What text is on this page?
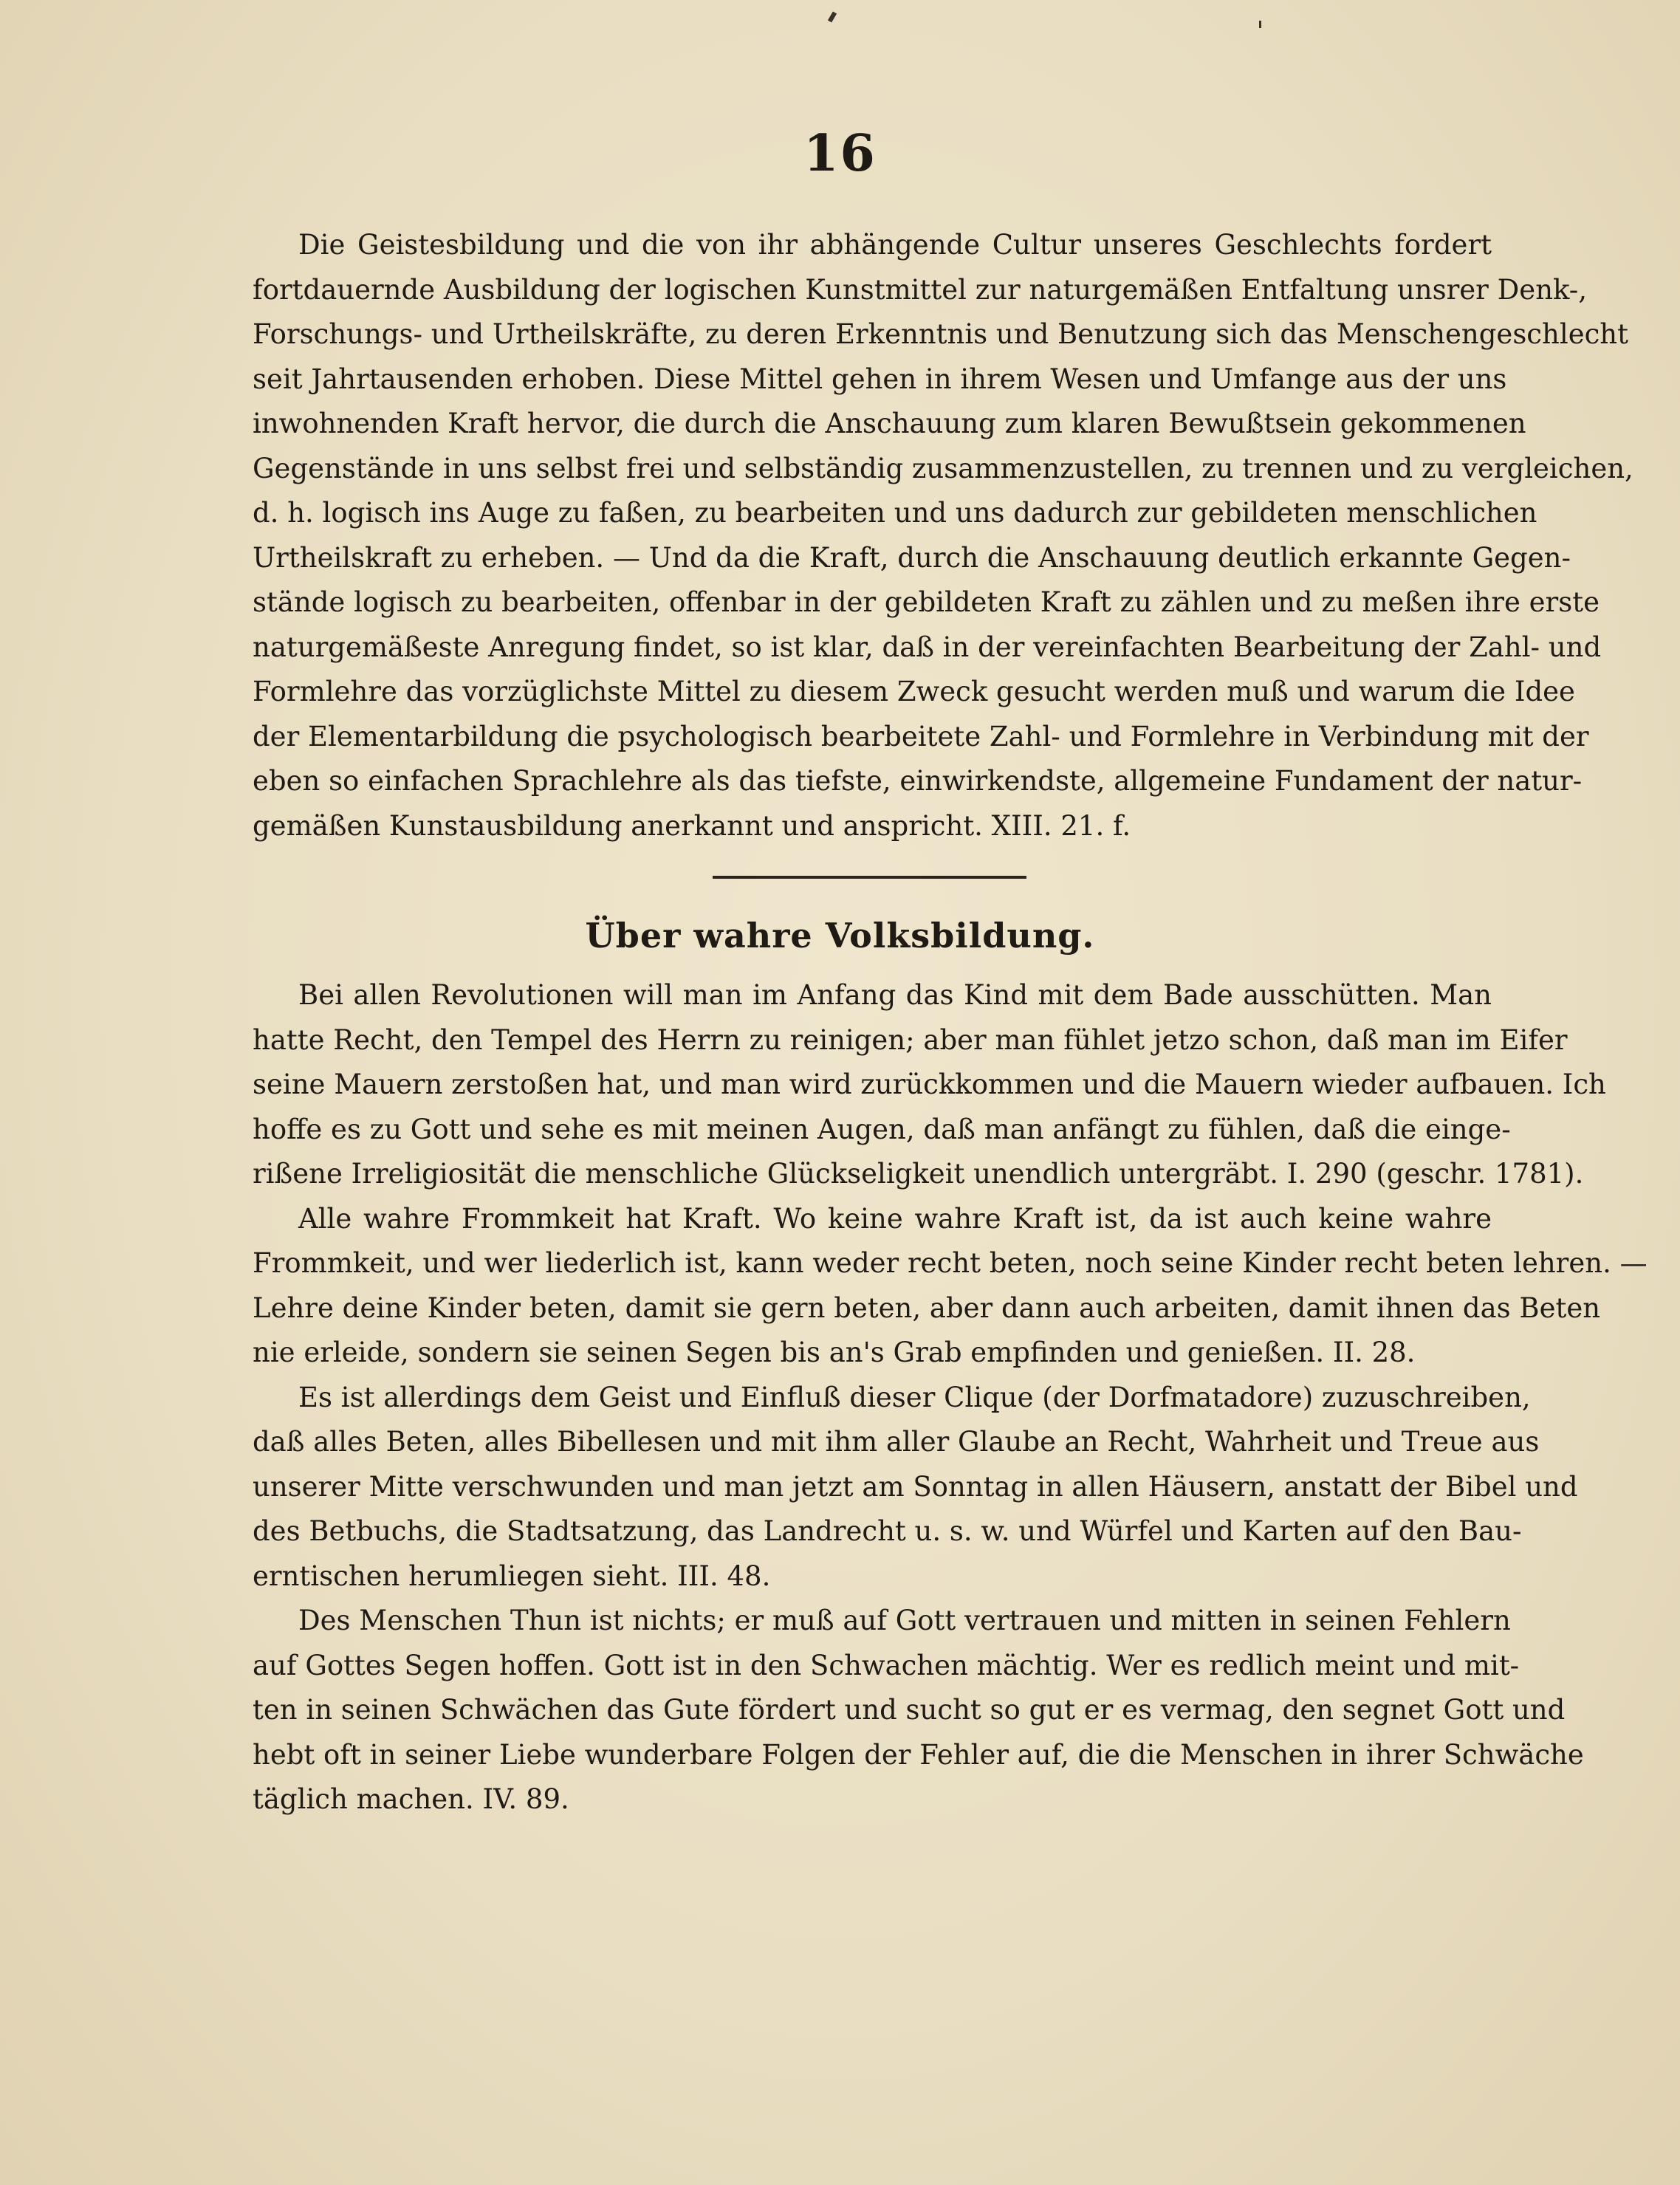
16
Die Geistesbildung und die von ihr abhängende Cultur unseres Geschlechts fordert
fortdauernde Ausbildung der logischen Kunstmittel zur naturgemäßen Entfaltung unsrer Denk-,
Forschungs- und Urtheilskräfte, zu deren Erkenntnis und Benutzung sich das Menschengeschlecht
seit Jahrtausenden erhoben. Diese Mittel gehen in ihrem Wesen und Umfange aus der uns
inwohnenden Kraft hervor, die durch die Anschauung zum klaren Bewußtsein gekommenen
Gegenstände in uns selbst frei und selbständig zusammenzustellen, zu trennen und zu vergleichen,
d. h. logisch ins Auge zu faßen, zu bearbeiten und uns dadurch zur gebildeten menschlichen
Urtheilskraft zu erheben. — Und da die Kraft, durch die Anschauung deutlich erkannte Gegen-
stände logisch zu bearbeiten, offenbar in der gebildeten Kraft zu zählen und zu meßen ihre erste
naturgemäßeste Anregung findet, so ist klar, daß in der vereinfachten Bearbeitung der Zahl- und
Formlehre das vorzüglichste Mittel zu diesem Zweck gesucht werden muß und warum die Idee
der Elementarbildung die psychologisch bearbeitete Zahl- und Formlehre in Verbindung mit der
eben so einfachen Sprachlehre als das tiefste, einwirkendste, allgemeine Fundament der natur-
gemäßen Kunstausbildung anerkannt und anspricht. XIII. 21. f.
Über wahre Volksbildung.
Bei allen Revolutionen will man im Anfang das Kind mit dem Bade ausschütten. Man
hatte Recht, den Tempel des Herrn zu reinigen; aber man fühlet jetzo schon, daß man im Eifer
seine Mauern zerstoßen hat, und man wird zurückkommen und die Mauern wieder aufbauen. Ich
hoffe es zu Gott und sehe es mit meinen Augen, daß man anfängt zu fühlen, daß die einge-
rißene Irreligiosität die menschliche Glückseligkeit unendlich untergräbt. I. 290 (geschr. 1781).
Alle wahre Frommkeit hat Kraft. Wo keine wahre Kraft ist, da ist auch keine wahre
Frommkeit, und wer liederlich ist, kann weder recht beten, noch seine Kinder recht beten lehren. —
Lehre deine Kinder beten, damit sie gern beten, aber dann auch arbeiten, damit ihnen das Beten
nie erleide, sondern sie seinen Segen bis an's Grab empfinden und genießen. II. 28.
Es ist allerdings dem Geist und Einfluß dieser Clique (der Dorfmatadore) zuzuschreiben,
daß alles Beten, alles Bibellesen und mit ihm aller Glaube an Recht, Wahrheit und Treue aus
unserer Mitte verschwunden und man jetzt am Sonntag in allen Häusern, anstatt der Bibel und
des Betbuchs, die Stadtsatzung, das Landrecht u. s. w. und Würfel und Karten auf den Bau-
erntischen herumliegen sieht. III. 48.
Des Menschen Thun ist nichts; er muß auf Gott vertrauen und mitten in seinen Fehlern
auf Gottes Segen hoffen. Gott ist in den Schwachen mächtig. Wer es redlich meint und mit-
ten in seinen Schwächen das Gute fördert und sucht so gut er es vermag, den segnet Gott und
hebt oft in seiner Liebe wunderbare Folgen der Fehler auf, die die Menschen in ihrer Schwäche
täglich machen. IV. 89.
